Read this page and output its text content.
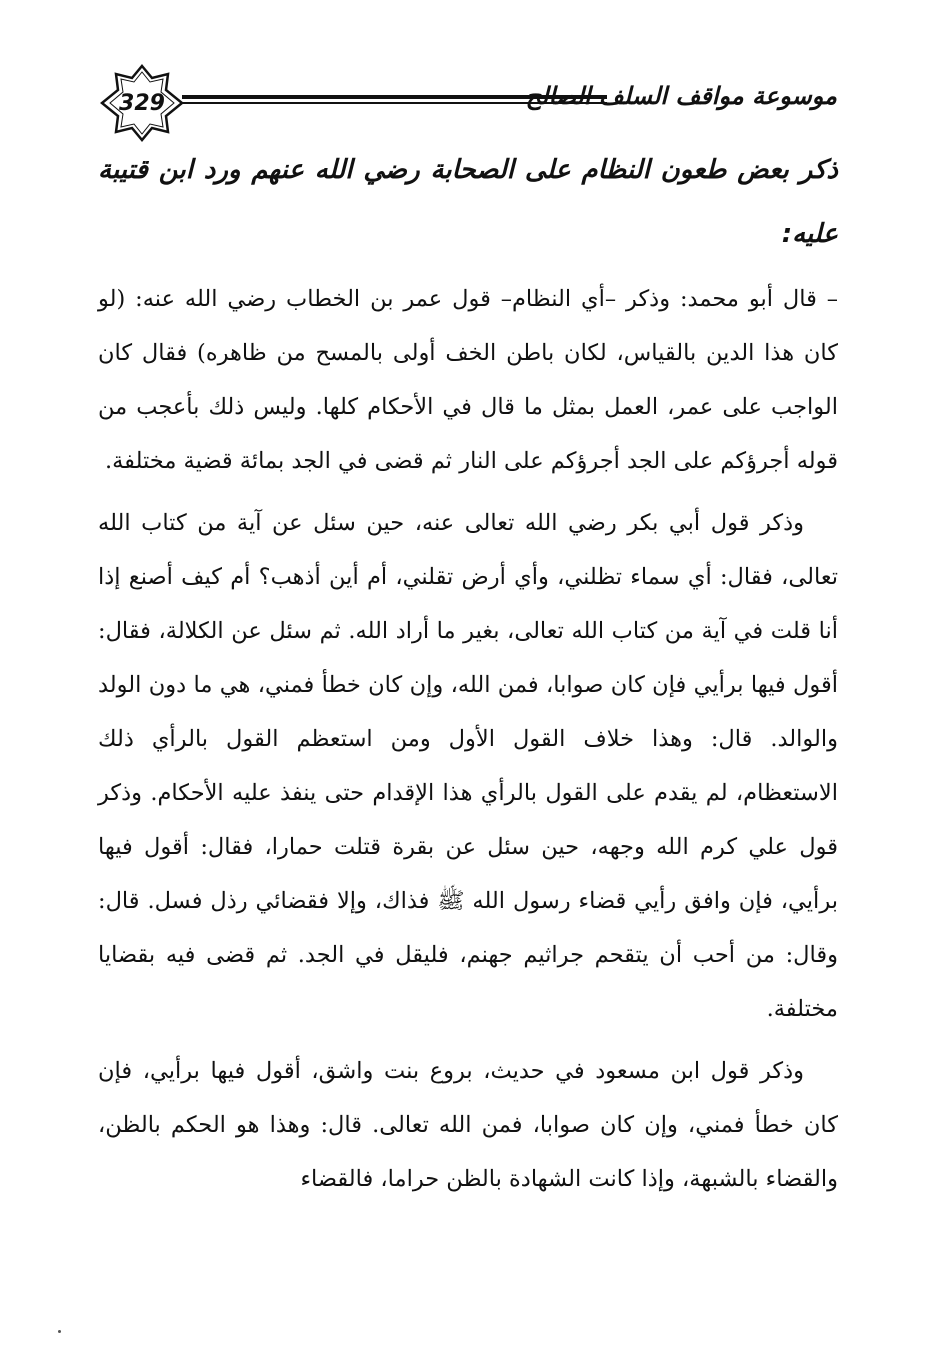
329	موسوعة مواقف السلف الصالح
ذكر بعض طعون النظام على الصحابة رضي الله عنهم ورد ابن قتيبة عليه:

– قال أبو محمد: وذكر –أي النظام– قول عمر بن الخطاب رضي الله عنه: (لو كان هذا الدين بالقياس، لكان باطن الخف أولى بالمسح من ظاهره) فقال كان الواجب على عمر، العمل بمثل ما قال في الأحكام كلها. وليس ذلك بأعجب من قوله أجرؤكم على الجد أجرؤكم على النار ثم قضى في الجد بمائة قضية مختلفة.

وذكر قول أبي بكر رضي الله تعالى عنه، حين سئل عن آية من كتاب الله تعالى، فقال: أي سماء تظلني، وأي أرض تقلني، أم أين أذهب؟ أم كيف أصنع إذا أنا قلت في آية من كتاب الله تعالى، بغير ما أراد الله. ثم سئل عن الكلالة، فقال: أقول فيها برأيي فإن كان صوابا، فمن الله، وإن كان خطأ فمني، هي ما دون الولد والوالد. قال: وهذا خلاف القول الأول ومن استعظم القول بالرأي ذلك الاستعظام، لم يقدم على القول بالرأي هذا الإقدام حتى ينفذ عليه الأحكام. وذكر قول علي كرم الله وجهه، حين سئل عن بقرة قتلت حمارا، فقال: أقول فيها برأيي، فإن وافق رأيي قضاء رسول الله ﷺ فذاك، وإلا فقضائي رذل فسل. قال: وقال: من أحب أن يتقحم جراثيم جهنم، فليقل في الجد. ثم قضى فيه بقضايا مختلفة.

وذكر قول ابن مسعود في حديث، بروع بنت واشق، أقول فيها برأيي، فإن كان خطأ فمني، وإن كان صوابا، فمن الله تعالى. قال: وهذا هو الحكم بالظن، والقضاء بالشبهة، وإذا كانت الشهادة بالظن حراما، فالقضاء
